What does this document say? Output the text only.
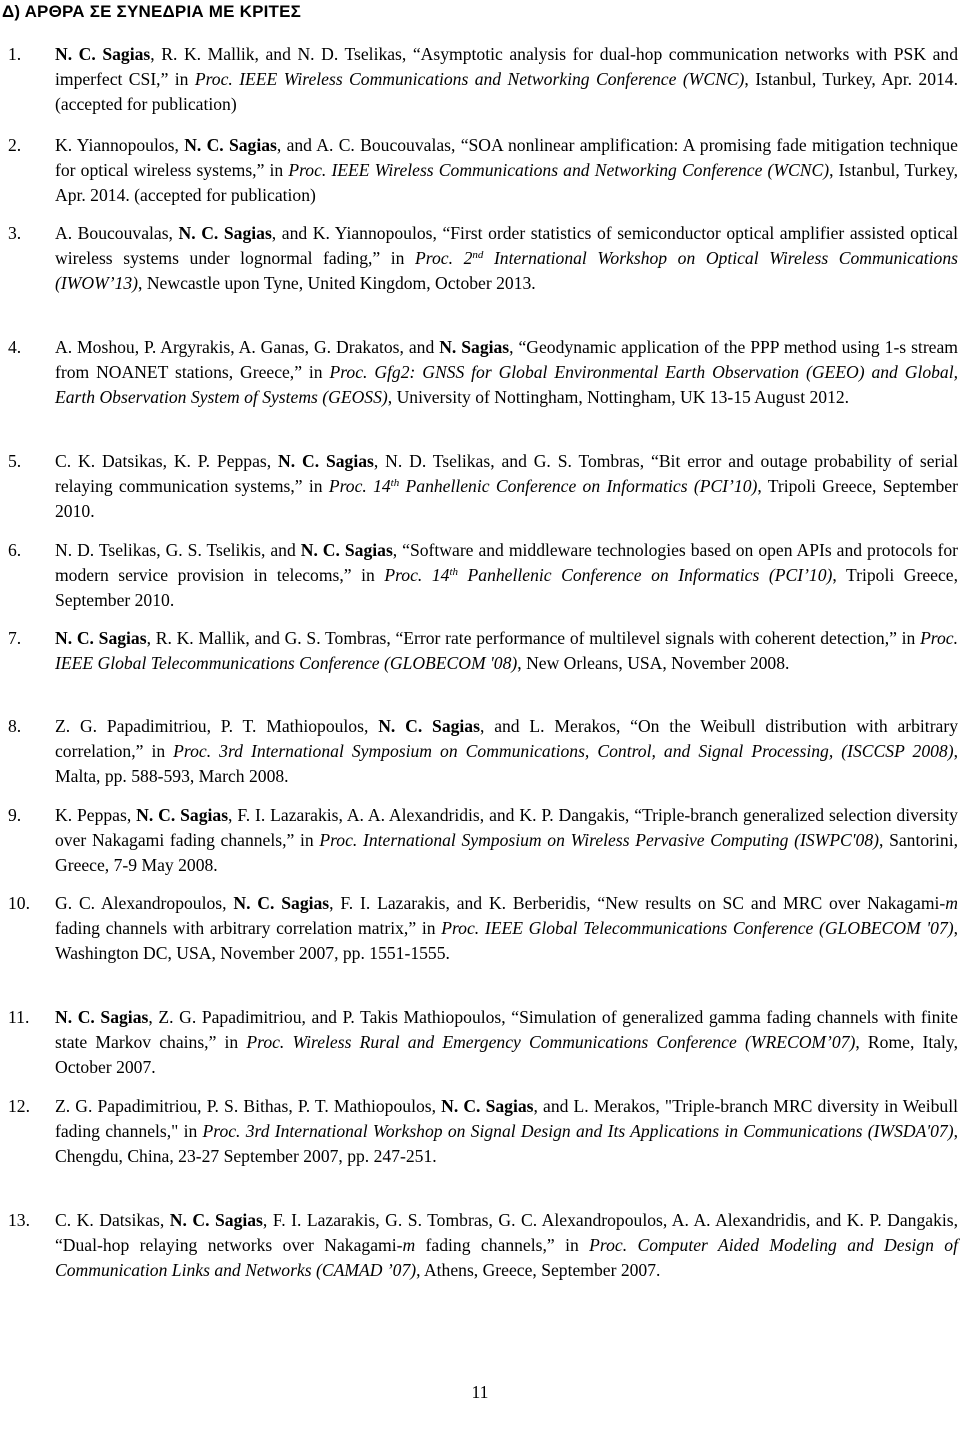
Δ) ΑΡΘΡΑ ΣΕ ΣΥΝΕΔΡΙΑ ΜΕ ΚΡΙΤΕΣ
1. N. C. Sagias, R. K. Mallik, and N. D. Tselikas, “Asymptotic analysis for dual-hop communication networks with PSK and imperfect CSI,” in Proc. IEEE Wireless Communications and Networking Conference (WCNC), Istanbul, Turkey, Apr. 2014. (accepted for publication)
2. K. Yiannopoulos, N. C. Sagias, and A. C. Boucouvalas, “SOA nonlinear amplification: A promising fade mitigation technique for optical wireless systems,” in Proc. IEEE Wireless Communications and Networking Conference (WCNC), Istanbul, Turkey, Apr. 2014. (accepted for publication)
3. A. Boucouvalas, N. C. Sagias, and K. Yiannopoulos, “First order statistics of semiconductor optical amplifier assisted optical wireless systems under lognormal fading,” in Proc. 2nd International Workshop on Optical Wireless Communications (IWOW’13), Newcastle upon Tyne, United Kingdom, October 2013.
4. A. Moshou, P. Argyrakis, A. Ganas, G. Drakatos, and N. Sagias, “Geodynamic application of the PPP method using 1-s stream from NOANET stations, Greece,” in Proc. Gfg2: GNSS for Global Environmental Earth Observation (GEEO) and Global, Earth Observation System of Systems (GEOSS), University of Nottingham, Nottingham, UK 13-15 August 2012.
5. C. K. Datsikas, K. P. Peppas, N. C. Sagias, N. D. Tselikas, and G. S. Tombras, “Bit error and outage probability of serial relaying communication systems,” in Proc. 14th Panhellenic Conference on Informatics (PCI’10), Tripoli Greece, September 2010.
6. N. D. Tselikas, G. S. Tselikis, and N. C. Sagias, “Software and middleware technologies based on open APIs and protocols for modern service provision in telecoms,” in Proc. 14th Panhellenic Conference on Informatics (PCI’10), Tripoli Greece, September 2010.
7. N. C. Sagias, R. K. Mallik, and G. S. Tombras, “Error rate performance of multilevel signals with coherent detection,” in Proc. IEEE Global Telecommunications Conference (GLOBECOM '08), New Orleans, USA, November 2008.
8. Z. G. Papadimitriou, P. T. Mathiopoulos, N. C. Sagias, and L. Merakos, “On the Weibull distribution with arbitrary correlation,” in Proc. 3rd International Symposium on Communications, Control, and Signal Processing, (ISCCSP 2008), Malta, pp. 588-593, March 2008.
9. K. Peppas, N. C. Sagias, F. I. Lazarakis, A. A. Alexandridis, and K. P. Dangakis, “Triple-branch generalized selection diversity over Nakagami fading channels,” in Proc. International Symposium on Wireless Pervasive Computing (ISWPC'08), Santorini, Greece, 7-9 May 2008.
10. G. C. Alexandropoulos, N. C. Sagias, F. I. Lazarakis, and K. Berberidis, “New results on SC and MRC over Nakagami-m fading channels with arbitrary correlation matrix,” in Proc. IEEE Global Telecommunications Conference (GLOBECOM '07), Washington DC, USA, November 2007, pp. 1551-1555.
11. N. C. Sagias, Z. G. Papadimitriou, and P. Takis Mathiopoulos, “Simulation of generalized gamma fading channels with finite state Markov chains,” in Proc. Wireless Rural and Emergency Communications Conference (WRECOM’07), Rome, Italy, October 2007.
12. Z. G. Papadimitriou, P. S. Bithas, P. T. Mathiopoulos, N. C. Sagias, and L. Merakos, "Triple-branch MRC diversity in Weibull fading channels," in Proc. 3rd International Workshop on Signal Design and Its Applications in Communications (IWSDA'07), Chengdu, China, 23-27 September 2007, pp. 247-251.
13. C. K. Datsikas, N. C. Sagias, F. I. Lazarakis, G. S. Tombras, G. C. Alexandropoulos, A. A. Alexandridis, and K. P. Dangakis, “Dual-hop relaying networks over Nakagami-m fading channels,” in Proc. Computer Aided Modeling and Design of Communication Links and Networks (CAMAD ’07), Athens, Greece, September 2007.
11
